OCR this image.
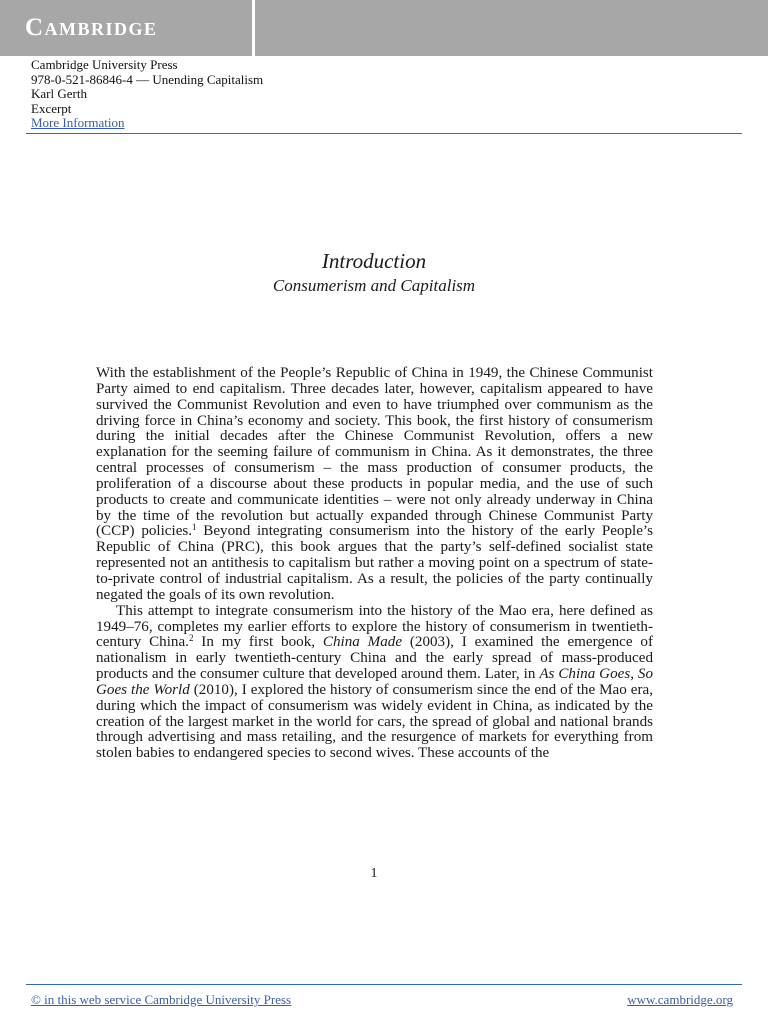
Cambridge
Cambridge University Press
978-0-521-86846-4 — Unending Capitalism
Karl Gerth
Excerpt
More Information
Introduction
Consumerism and Capitalism

With the establishment of the People’s Republic of China in 1949, the Chinese Communist Party aimed to end capitalism. Three decades later, however, capitalism appeared to have survived the Communist Revolution and even to have triumphed over communism as the driving force in China’s economy and society. This book, the first history of consumerism during the initial decades after the Chinese Communist Revolution, offers a new explanation for the seeming failure of communism in China. As it demonstrates, the three central processes of consumerism – the mass production of consumer products, the proliferation of a discourse about these products in popular media, and the use of such products to create and communicate identities – were not only already underway in China by the time of the revolution but actually expanded through Chinese Communist Party (CCP) policies.$^1$ Beyond integrating consumerism into the history of the early People’s Republic of China (PRC), this book argues that the party’s self-defined socialist state represented not an antithesis to capitalism but rather a moving point on a spectrum of state-to-private control of industrial capitalism. As a result, the policies of the party continually negated the goals of its own revolution.

This attempt to integrate consumerism into the history of the Mao era, here defined as 1949–76, completes my earlier efforts to explore the history of consumerism in twentieth-century China.$^2$ In my first book, China Made (2003), I examined the emergence of nationalism in early twentieth-century China and the early spread of mass-produced products and the consumer culture that developed around them. Later, in As China Goes, So Goes the World (2010), I explored the history of consumerism since the end of the Mao era, during which the impact of consumerism was widely evident in China, as indicated by the creation of the largest market in the world for cars, the spread of global and national brands through advertising and mass retailing, and the resurgence of markets for everything from stolen babies to endangered species to second wives. These accounts of the

1
© in this web service Cambridge University Press	www.cambridge.org
